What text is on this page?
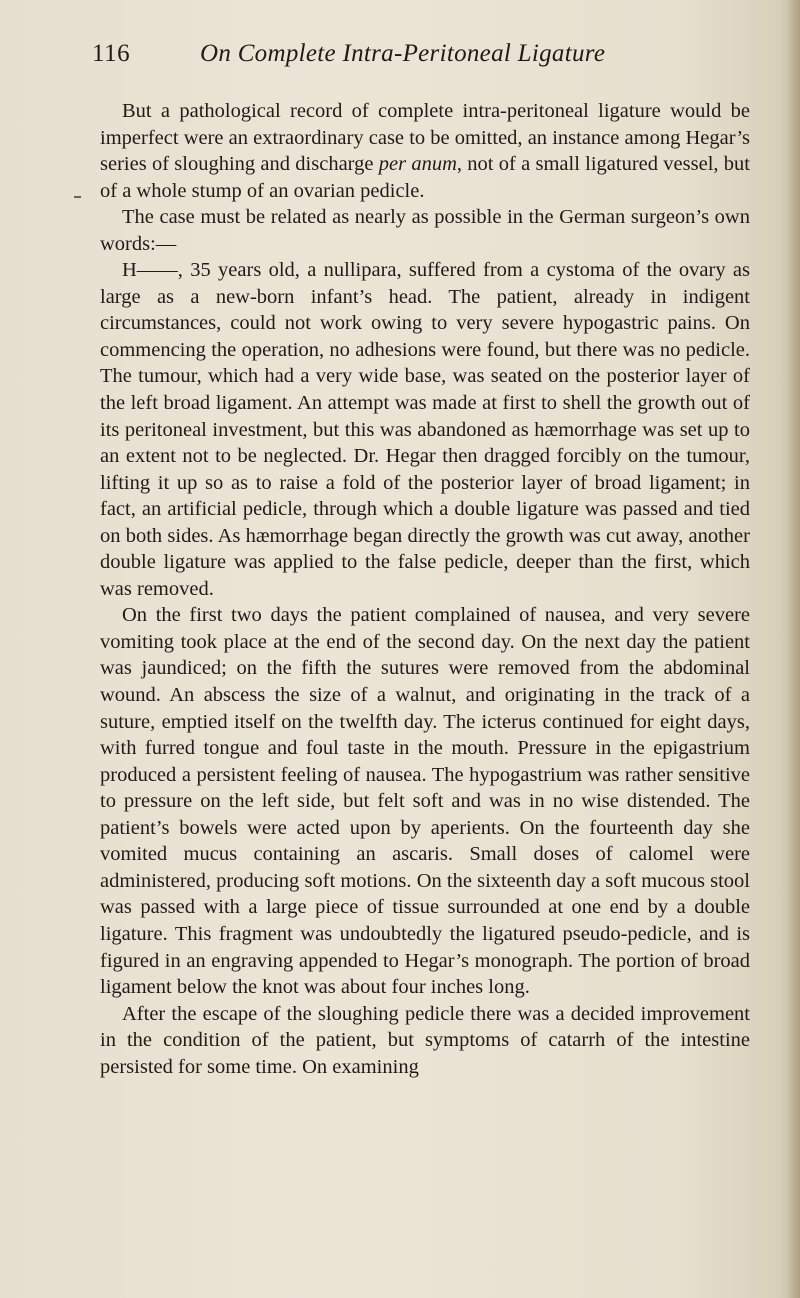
116	On Complete Intra-Peritoneal Ligature

But a pathological record of complete intra-peritoneal ligature would be imperfect were an extraordinary case to be omitted, an instance among Hegar’s series of sloughing and discharge per anum, not of a small ligatured vessel, but of a whole stump of an ovarian pedicle.

The case must be related as nearly as possible in the German surgeon’s own words:—

H——, 35 years old, a nullipara, suffered from a cystoma of the ovary as large as a new-born infant’s head. The patient, already in indigent circumstances, could not work owing to very severe hypogastric pains. On commencing the operation, no adhesions were found, but there was no pedicle. The tumour, which had a very wide base, was seated on the posterior layer of the left broad ligament. An attempt was made at first to shell the growth out of its peritoneal investment, but this was abandoned as hæmorrhage was set up to an extent not to be neglected. Dr. Hegar then dragged forcibly on the tumour, lifting it up so as to raise a fold of the posterior layer of broad ligament; in fact, an artificial pedicle, through which a double ligature was passed and tied on both sides. As hæmorrhage began directly the growth was cut away, another double ligature was applied to the false pedicle, deeper than the first, which was removed.

On the first two days the patient complained of nausea, and very severe vomiting took place at the end of the second day. On the next day the patient was jaundiced; on the fifth the sutures were removed from the abdominal wound. An abscess the size of a walnut, and originating in the track of a suture, emptied itself on the twelfth day. The icterus continued for eight days, with furred tongue and foul taste in the mouth. Pressure in the epigastrium produced a persistent feeling of nausea. The hypogastrium was rather sensitive to pressure on the left side, but felt soft and was in no wise distended. The patient’s bowels were acted upon by aperients. On the fourteenth day she vomited mucus containing an ascaris. Small doses of calomel were administered, producing soft motions. On the sixteenth day a soft mucous stool was passed with a large piece of tissue surrounded at one end by a double ligature. This fragment was undoubtedly the ligatured pseudo-pedicle, and is figured in an engraving appended to Hegar’s monograph. The portion of broad ligament below the knot was about four inches long.

After the escape of the sloughing pedicle there was a decided improvement in the condition of the patient, but symptoms of catarrh of the intestine persisted for some time. On examining
